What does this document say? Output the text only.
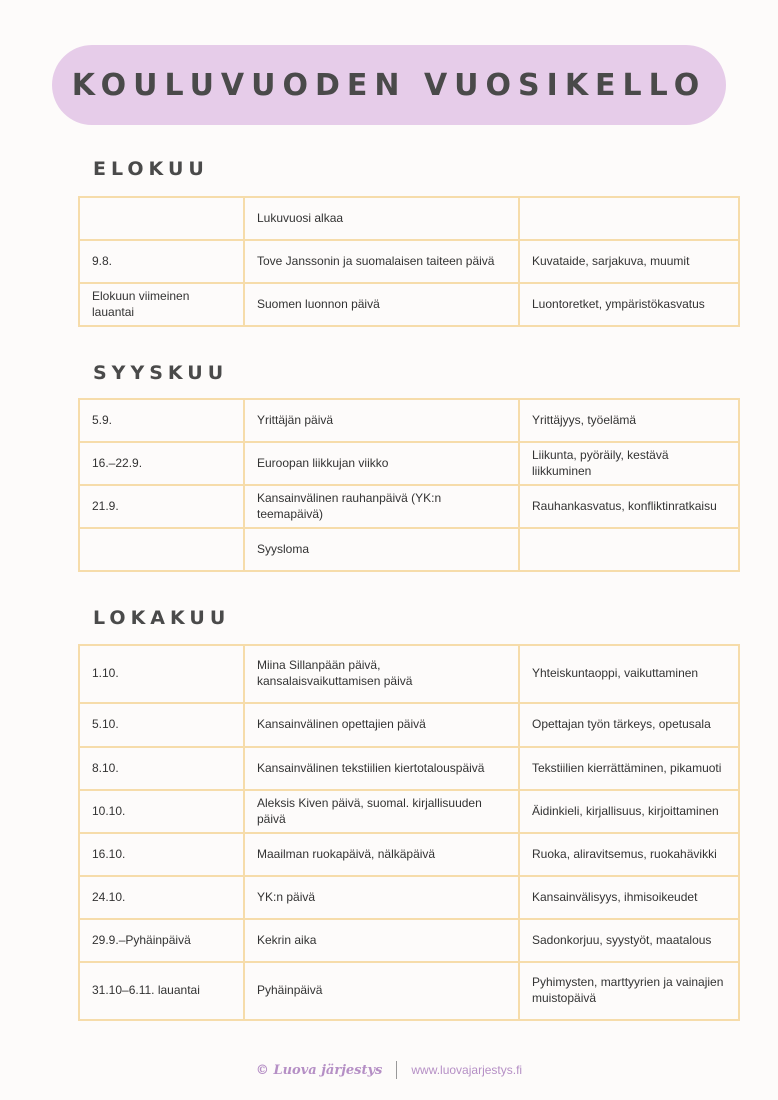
KOULUVUODEN VUOSIKELLO
ELOKUU
	Lukuvuosi alkaa	
9.8.	Tove Janssonin ja suomalaisen taiteen päivä	Kuvataide, sarjakuva, muumit
Elokuun viimeinen lauantai	Suomen luonnon päivä	Luontoretket, ympäristökasvatus
SYYSKUU
5.9.	Yrittäjän päivä	Yrittäjyys, työelämä
16.–22.9.	Euroopan liikkujan viikko	Liikunta, pyöräily, kestävä liikkuminen
21.9.	Kansainvälinen rauhanpäivä (YK:n teemapäivä)	Rauhankasvatus, konfliktinratkaisu
	Syysloma	
LOKAKUU
1.10.	Miina Sillanpään päivä, kansalaisvaikuttamisen päivä	Yhteiskuntaoppi, vaikuttaminen
5.10.	Kansainvälinen opettajien päivä	Opettajan työn tärkeys, opetusala
8.10.	Kansainvälinen tekstiilien kiertotalouspäivä	Tekstiilien kierrättäminen, pikamuoti
10.10.	Aleksis Kiven päivä, suomal. kirjallisuuden päivä	Äidinkieli, kirjallisuus, kirjoittaminen
16.10.	Maailman ruokapäivä, nälkäpäivä	Ruoka, aliravitsemus, ruokahävikki
24.10.	YK:n päivä	Kansainvälisyys, ihmisoikeudet
29.9.–Pyhäinpäivä	Kekrin aika	Sadonkorjuu, syystyöt, maatalous
31.10–6.11. lauantai	Pyhäinpäivä	Pyhimysten, marttyyrien ja vainajien muistopäivä
© Luova järjestys www.luovajarjestys.fi
